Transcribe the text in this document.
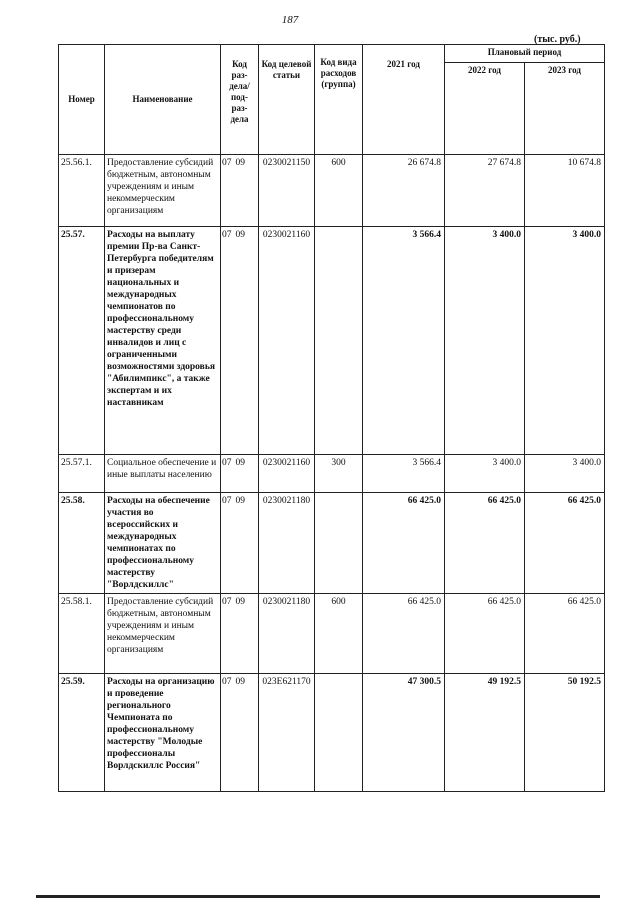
187
(тыс. руб.)
Номер	Наименование	Код раз-дела/ под-раз-дела	Код целевой статьи	Код вида расходов (группа)	2021 год	Плановый период	
						2022 год	2023 год
25.56.1.	Предоставление субсидий бюджетным, автономным учреждениям и иным некоммерческим организациям	07 09	0230021150	600	26 674.8	27 674.8	10 674.8
25.57.	Расходы на выплату премии Пр-ва Санкт-Петербурга победителям и призерам национальных и международных чемпионатов по профессиональному мастерству среди инвалидов и лиц с ограниченными возможностями здоровья "Абилимпикс", а также экспертам и их наставникам	07 09	0230021160		3 566.4	3 400.0	3 400.0
25.57.1.	Социальное обеспечение и иные выплаты населению	07 09	0230021160	300	3 566.4	3 400.0	3 400.0
25.58.	Расходы на обеспечение участия во всероссийских и международных чемпионатах по профессиональному мастерству "Ворлдскиллс"	07 09	0230021180		66 425.0	66 425.0	66 425.0
25.58.1.	Предоставление субсидий бюджетным, автономным учреждениям и иным некоммерческим организациям	07 09	0230021180	600	66 425.0	66 425.0	66 425.0
25.59.	Расходы на организацию и проведение регионального Чемпионата по профессиональному мастерству "Молодые профессионалы Ворлдскиллс Россия"	07 09	023E621170		47 300.5	49 192.5	50 192.5
